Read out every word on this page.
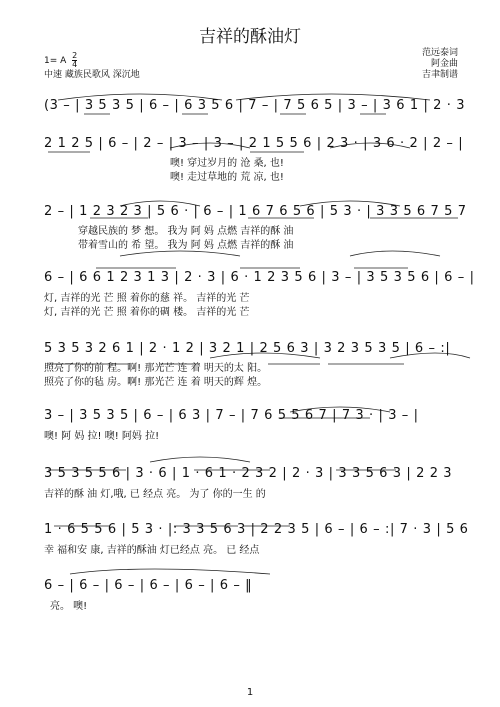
吉祥的酥油灯
范远泰词
阿金曲
吉聿制谱
1= A $\frac{2}{4}$
中速 藏族民歌风 深沉地
(3 – | 3 5 3 5 | 6 – | 6 3 5 6 | 7 – | 7 5 6 5 | 3 – | 3 6 1 | 2 · 3
2 1 2 5 | 6 – | 2 – | 3 – | 3 – | 2 1 5 5 6 | 2 3 · | 3 6 · 2 | 2 – |
噢! 穿过岁月的 沧 桑, 也!
噢! 走过草地的 荒 凉, 也!
2 – | 1 2 3 2 3 | 5 6 · | 6 – | 1 6 7 6 5 6 | 5 3 · | 3 3 5 6 7 5 7
穿越民族的 梦 想。 我为 阿 妈 点燃 吉祥的酥 油
带着雪山的 希 望。 我为 阿 妈 点燃 吉祥的酥 油
6 – | 6 6 1 2 3 1 3 | 2 · 3 | 6 · 1 2 3 5 6 | 3 – | 3 5 3 5 6 | 6 – |
灯, 吉祥的光 芒 照 着你的慈 祥。 吉祥的光 芒
灯, 吉祥的光 芒 照 着你的碉 楼。 吉祥的光 芒
5 3 5 3 2 6 1 | 2 · 1 2 | 3 2 1 | 2 5 6 3 | 3 2 3 5 3 5 | 6 – :|
照亮了你的前 程。啊! 那光芒 连 着 明天的太 阳。
照亮了你的毡 房。啊! 那光芒 连 着 明天的辉 煌。
3 – | 3 5 3 5 | 6 – | 6 3 | 7 – | 7 6 5 5 6 7 | 7 3 · | 3 – |
噢! 阿 妈 拉! 噢! 阿妈 拉!
3 5 3 5 5 6 | 3 · 6 | 1 · 6 1 · 2 3 2 | 2 · 3 | 3 3 5 6 3 | 2 2 3
吉祥的酥 油 灯,哦, 已 经点 亮。 为了 你的一生 的
1 · 6 5 5 6 | 5 3 · |: 3 3 5 6 3 | 2 2 3 5 | 6 – | 6 – :| 7 · 3 | 5 6
幸 福和安 康, 吉祥的酥油 灯已经点 亮。 已 经点
6 – | 6 – | 6 – | 6 – | 6 – | 6 – ‖
亮。 噢!
1
